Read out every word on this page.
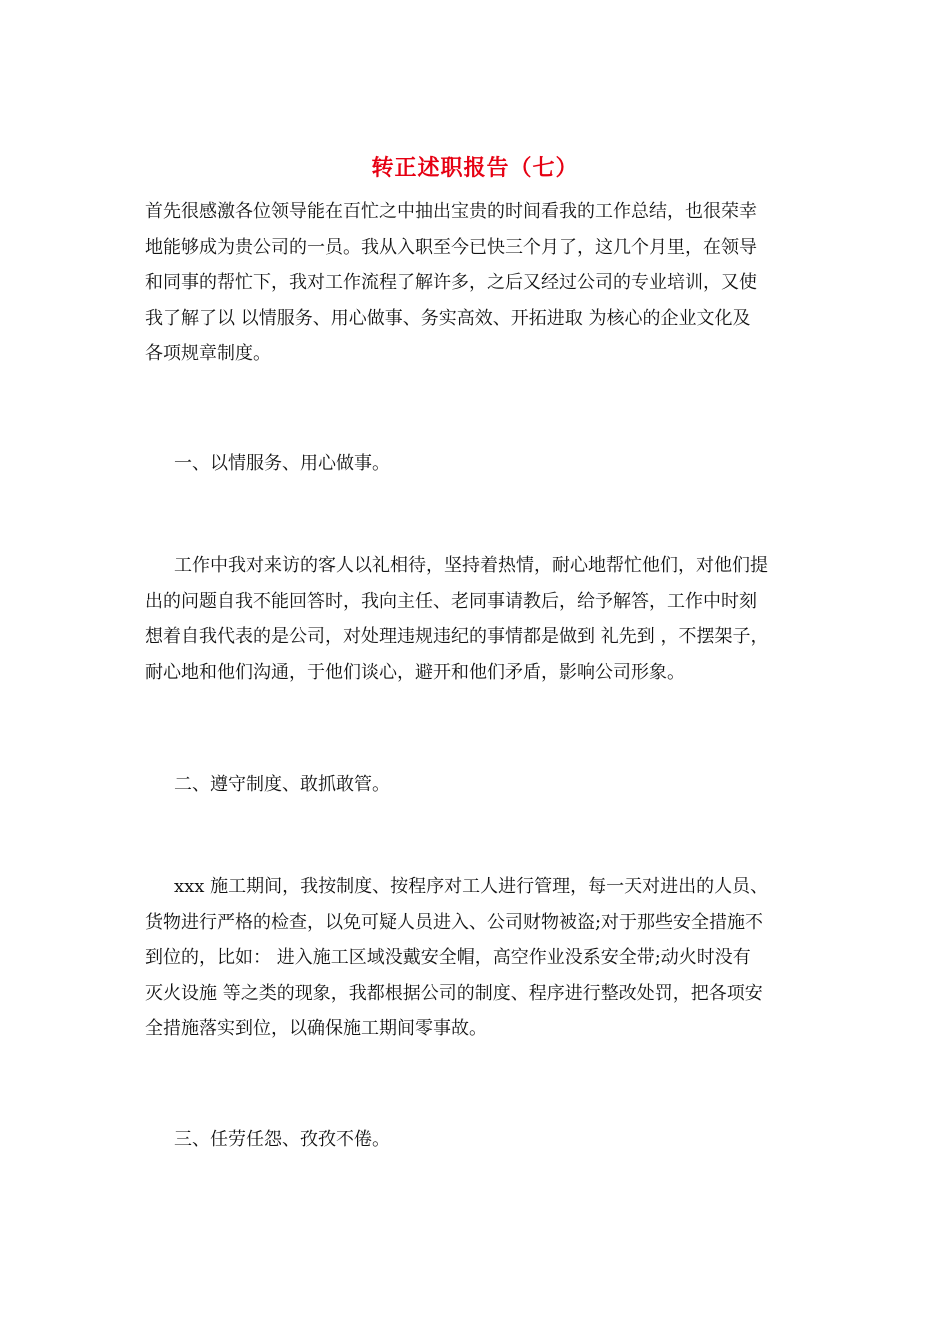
转正述职报告（七）
首先很感激各位领导能在百忙之中抽出宝贵的时间看我的工作总结，也很荣幸
地能够成为贵公司的一员。我从入职至今已快三个月了，这几个月里，在领导
和同事的帮忙下，我对工作流程了解许多，之后又经过公司的专业培训，又使
我了解了以 以情服务、用心做事、务实高效、开拓进取 为核心的企业文化及
各项规章制度。
一、以情服务、用心做事。
工作中我对来访的客人以礼相待，坚持着热情，耐心地帮忙他们，对他们提
出的问题自我不能回答时，我向主任、老同事请教后，给予解答，工作中时刻
想着自我代表的是公司，对处理违规违纪的事情都是做到 礼先到 ，不摆架子，
耐心地和他们沟通，于他们谈心，避开和他们矛盾，影响公司形象。
二、遵守制度、敢抓敢管。
xxx 施工期间，我按制度、按程序对工人进行管理，每一天对进出的人员、
货物进行严格的检查，以免可疑人员进入、公司财物被盗;对于那些安全措施不
到位的，比如： 进入施工区域没戴安全帽，高空作业没系安全带;动火时没有
灭火设施 等之类的现象，我都根据公司的制度、程序进行整改处罚，把各项安
全措施落实到位，以确保施工期间零事故。
三、任劳任怨、孜孜不倦。
